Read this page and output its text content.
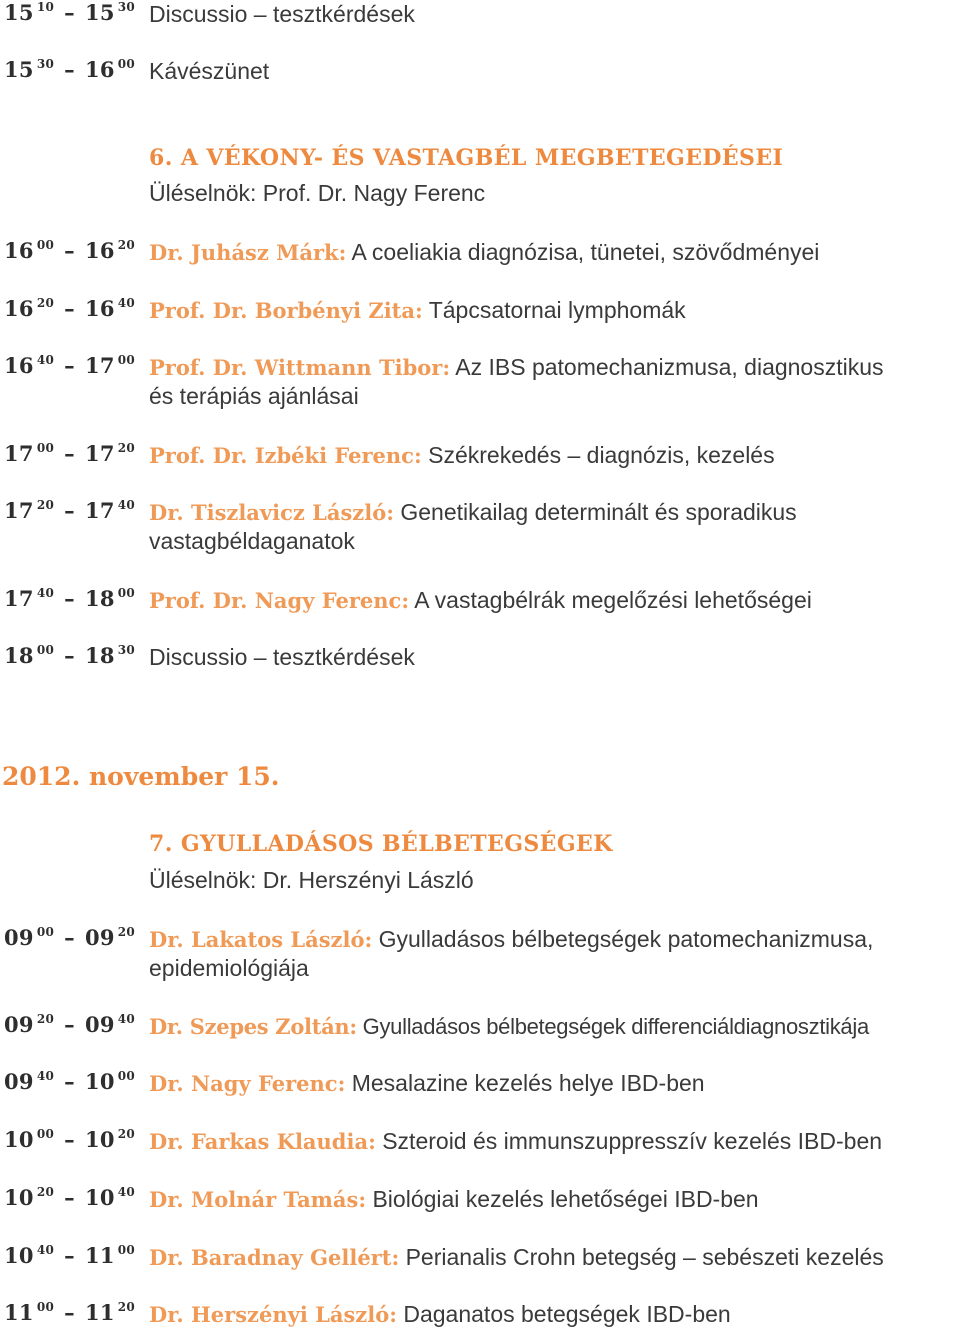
15 $^{10}$ – 15 $^{30}$ Discussio – tesztkérdések
15 $^{30}$ – 16 $^{00}$ Kávészünet
6. A VÉKONY- ÉS VASTAGBÉL MEGBETEGEDÉSEI
Üléselnök: Prof. Dr. Nagy Ferenc
16 $^{00}$ – 16 $^{20}$ Dr. Juhász Márk: A coeliakia diagnózisa, tünetei, szövődményei
16 $^{20}$ – 16 $^{40}$ Prof. Dr. Borbényi Zita: Tápcsatornai lymphomák
16 $^{40}$ – 17 $^{00}$ Prof. Dr. Wittmann Tibor: Az IBS patomechanizmusa, diagnosztikus
és terápiás ajánlásai
17 $^{00}$ – 17 $^{20}$ Prof. Dr. Izbéki Ferenc: Székrekedés – diagnózis, kezelés
17 $^{20}$ – 17 $^{40}$ Dr. Tiszlavicz László: Genetikailag determinált és sporadikus
vastagbéldaganatok
17 $^{40}$ – 18 $^{00}$ Prof. Dr. Nagy Ferenc: A vastagbélrák megelőzési lehetőségei
18 $^{00}$ – 18 $^{30}$ Discussio – tesztkérdések
2012. november 15.
7. GYULLADÁSOS BÉLBETEGSÉGEK
Üléselnök: Dr. Herszényi László
09 $^{00}$ – 09 $^{20}$ Dr. Lakatos László: Gyulladásos bélbetegségek patomechanizmusa,
epidemiológiája
09 $^{20}$ – 09 $^{40}$ Dr. Szepes Zoltán: Gyulladásos bélbetegségek differenciáldiagnosztikája
09 $^{40}$ – 10 $^{00}$ Dr. Nagy Ferenc: Mesalazine kezelés helye IBD-ben
10 $^{00}$ – 10 $^{20}$ Dr. Farkas Klaudia: Szteroid és immunszuppresszív kezelés IBD-ben
10 $^{20}$ – 10 $^{40}$ Dr. Molnár Tamás: Biológiai kezelés lehetőségei IBD-ben
10 $^{40}$ – 11 $^{00}$ Dr. Baradnay Gellért: Perianalis Crohn betegség – sebészeti kezelés
11 $^{00}$ – 11 $^{20}$ Dr. Herszényi László: Daganatos betegségek IBD-ben
